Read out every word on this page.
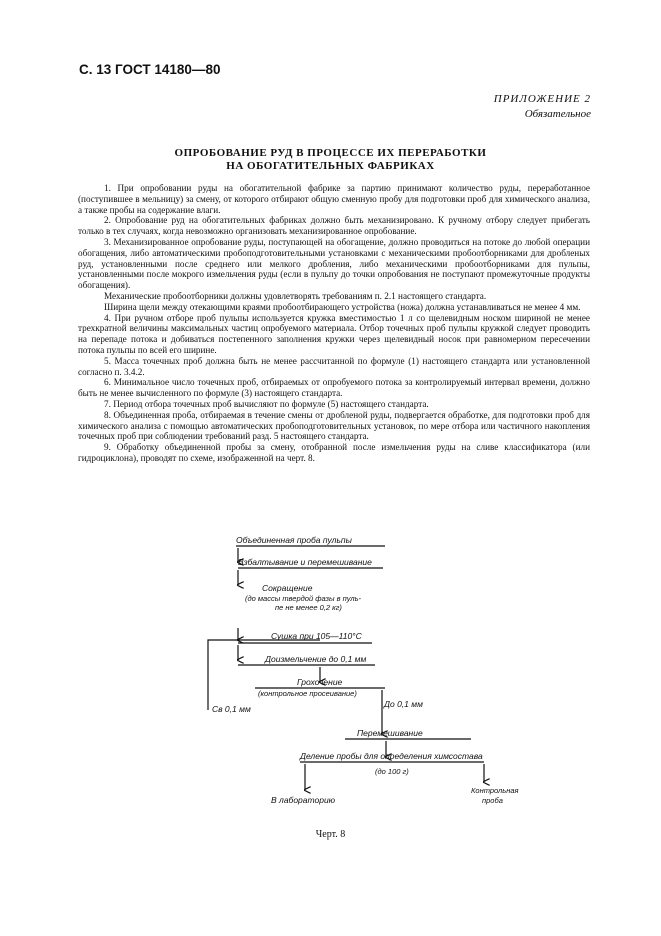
С. 13 ГОСТ 14180—80
ПРИЛОЖЕНИЕ 2
Обязательное
ОПРОБОВАНИЕ РУД В ПРОЦЕССЕ ИХ ПЕРЕРАБОТКИ
НА ОБОГАТИТЕЛЬНЫХ ФАБРИКАХ

1. При опробовании руды на обогатительной фабрике за партию принимают количество руды, переработанное (поступившее в мельницу) за смену, от которого отбирают общую сменную пробу для подготовки проб для химического анализа, а также пробы на содержание влаги.

2. Опробование руд на обогатительных фабриках должно быть механизировано. К ручному отбору следует прибегать только в тех случаях, когда невозможно организовать механизированное опробование.

3. Механизированное опробование руды, поступающей на обогащение, должно проводиться на потоке до любой операции обогащения, либо автоматическими пробоподготовительными установками с механическими пробоотборниками для дробленых руд, установленными после среднего или мелкого дробления, либо механическими пробоотборниками для пульпы, установленными после мокрого измельчения руды (если в пульпу до точки опробования не поступают промежуточные продукты обогащения).

Механические пробоотборники должны удовлетворять требованиям п. 2.1 настоящего стандарта.

Ширина щели между отекающими краями пробоотбирающего устройства (ножа) должна устанавливаться не менее 4 мм.

4. При ручном отборе проб пульпы используется кружка вместимостью 1 л со щелевидным носком шириной не менее трехкратной величины максимальных частиц опробуемого материала. Отбор точечных проб пульпы кружкой следует проводить на перепаде потока и добиваться постепенного заполнения кружки через щелевидный носок при равномерном пересечении потока пульпы по всей его ширине.

5. Масса точечных проб должна быть не менее рассчитанной по формуле (1) настоящего стандарта или установленной согласно п. 3.4.2.

6. Минимальное число точечных проб, отбираемых от опробуемого потока за контролируемый интервал времени, должно быть не менее вычисленного по формуле (3) настоящего стандарта.

7. Период отбора точечных проб вычисляют по формуле (5) настоящего стандарта.

8. Объединенная проба, отбираемая в течение смены от дробленой руды, подвергается обработке, для подготовки проб для химического анализа с помощью автоматических пробоподготовительных установок, по мере отбора или частичного накопления точечных проб при соблюдении требований разд. 5 настоящего стандарта.

9. Обработку объединенной пробы за смену, отобранной после измельчения руды на сливе классификатора (или гидроциклона), проводят по схеме, изображенной на черт. 8.

Объединенная проба пульпы
Взбалтывание и перемешивание
Сокращение
(до массы твердой фазы в пуль-
пе не менее 0,2 кг)
Сушка при 105—110°С
Доизмельчение до 0,1 мм
Грохочение
(контрольное просеивание)
Св 0,1 мм	До 0,1 мм
Перемешивание
Деление пробы для определения химсостава
(до 100 г)
В лабораторию
Контрольная
проба
Черт. 8
